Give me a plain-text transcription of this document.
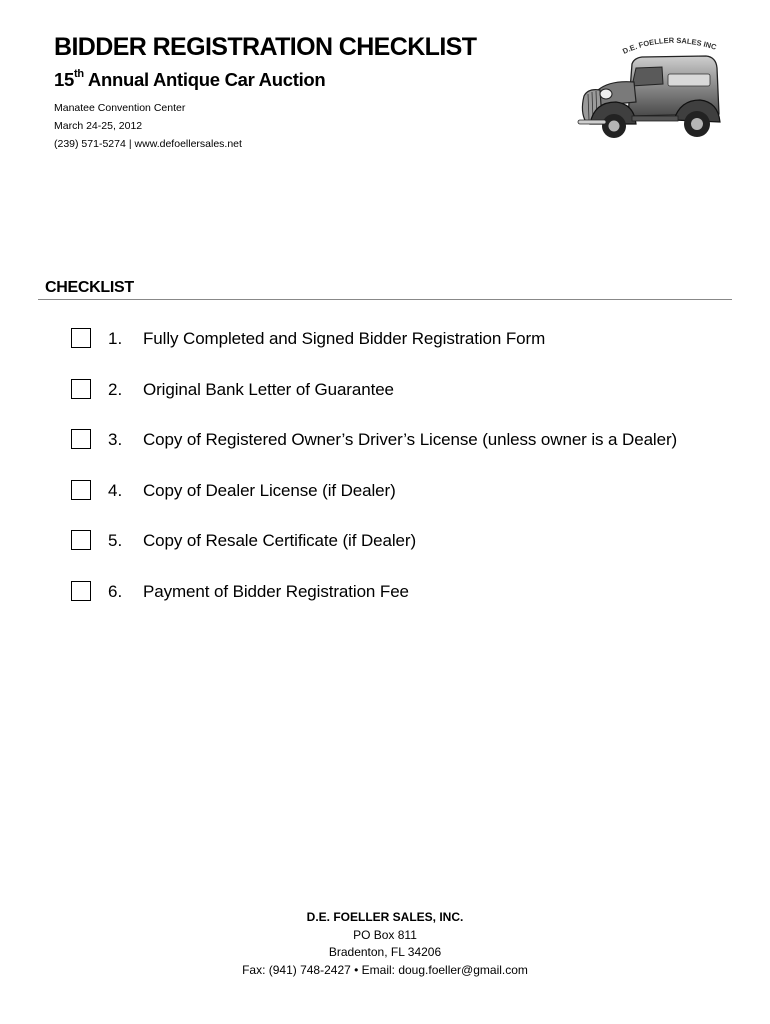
BIDDER REGISTRATION CHECKLIST
15th Annual Antique Car Auction
Manatee Convention Center
March 24-25, 2012
(239) 571-5274 | www.defoellersales.net
D.E. FOELLER SALES INC
CHECKLIST
1.	Fully Completed and Signed Bidder Registration Form
2.	Original Bank Letter of Guarantee
3.	Copy of Registered Owner’s Driver’s License (unless owner is a Dealer)
4.	Copy of Dealer License (if Dealer)
5.	Copy of Resale Certificate (if Dealer)
6.	Payment of Bidder Registration Fee
D.E. FOELLER SALES, INC.
PO Box 811
Bradenton, FL 34206
Fax: (941) 748-2427 • Email: doug.foeller@gmail.com
